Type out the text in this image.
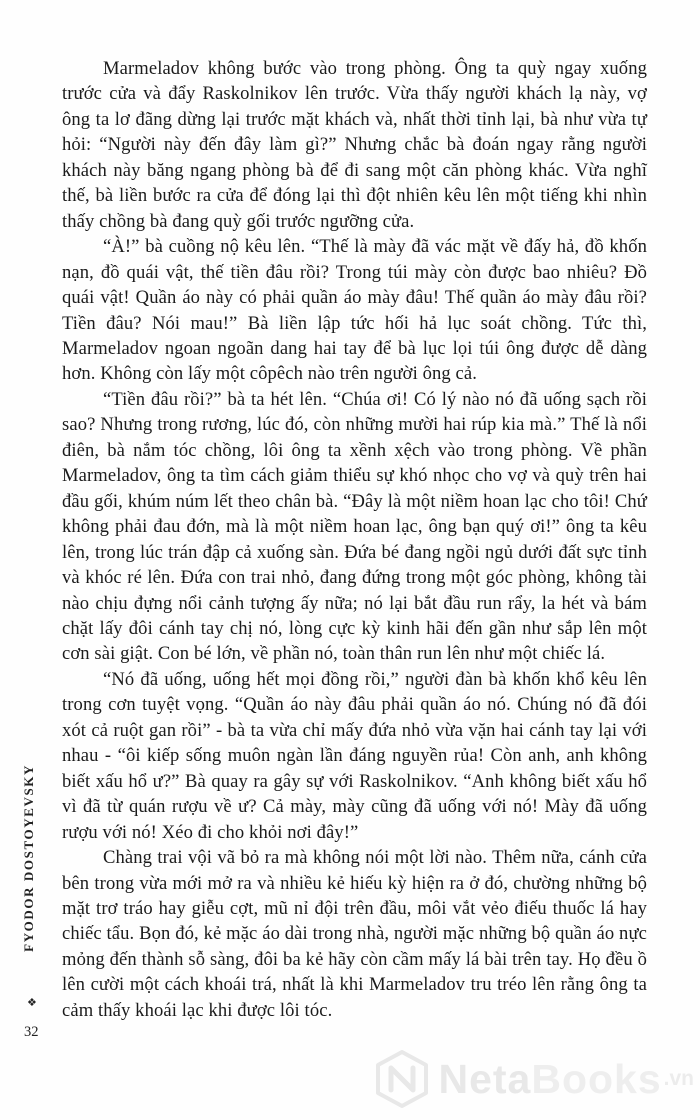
Marmeladov không bước vào trong phòng. Ông ta quỳ ngay xuống trước cửa và đẩy Raskolnikov lên trước. Vừa thấy người khách lạ này, vợ ông ta lơ đãng dừng lại trước mặt khách và, nhất thời tỉnh lại, bà như vừa tự hỏi: “Người này đến đây làm gì?” Nhưng chắc bà đoán ngay rằng người khách này băng ngang phòng bà để đi sang một căn phòng khác. Vừa nghĩ thế, bà liền bước ra cửa để đóng lại thì đột nhiên kêu lên một tiếng khi nhìn thấy chồng bà đang quỳ gối trước ngưỡng cửa.

“À!” bà cuồng nộ kêu lên. “Thế là mày đã vác mặt về đấy hả, đồ khốn nạn, đồ quái vật, thế tiền đâu rồi? Trong túi mày còn được bao nhiêu? Đồ quái vật! Quần áo này có phải quần áo mày đâu! Thế quần áo mày đâu rồi? Tiền đâu? Nói mau!” Bà liền lập tức hối hả lục soát chồng. Tức thì, Marmeladov ngoan ngoãn dang hai tay để bà lục lọi túi ông được dễ dàng hơn. Không còn lấy một côpêch nào trên người ông cả.

“Tiền đâu rồi?” bà ta hét lên. “Chúa ơi! Có lý nào nó đã uống sạch rồi sao? Nhưng trong rương, lúc đó, còn những mười hai rúp kia mà.” Thế là nổi điên, bà nắm tóc chồng, lôi ông ta xềnh xệch vào trong phòng. Về phần Marmeladov, ông ta tìm cách giảm thiểu sự khó nhọc cho vợ và quỳ trên hai đầu gối, khúm núm lết theo chân bà. “Đây là một niềm hoan lạc cho tôi! Chứ không phải đau đớn, mà là một niềm hoan lạc, ông bạn quý ơi!” ông ta kêu lên, trong lúc trán đập cả xuống sàn. Đứa bé đang ngồi ngủ dưới đất sực tỉnh và khóc ré lên. Đứa con trai nhỏ, đang đứng trong một góc phòng, không tài nào chịu đựng nổi cảnh tượng ấy nữa; nó lại bắt đầu run rẩy, la hét và bám chặt lấy đôi cánh tay chị nó, lòng cực kỳ kinh hãi đến gần như sắp lên một cơn sài giật. Con bé lớn, về phần nó, toàn thân run lên như một chiếc lá.

“Nó đã uống, uống hết mọi đồng rồi,” người đàn bà khốn khổ kêu lên trong cơn tuyệt vọng. “Quần áo này đâu phải quần áo nó. Chúng nó đã đói xót cả ruột gan rồi” - bà ta vừa chỉ mấy đứa nhỏ vừa vặn hai cánh tay lại với nhau - “ôi kiếp sống muôn ngàn lần đáng nguyền rủa! Còn anh, anh không biết xấu hổ ư?” Bà quay ra gây sự với Raskolnikov. “Anh không biết xấu hổ vì đã từ quán rượu về ư? Cả mày, mày cũng đã uống với nó! Mày đã uống rượu với nó! Xéo đi cho khỏi nơi đây!”

Chàng trai vội vã bỏ ra mà không nói một lời nào. Thêm nữa, cánh cửa bên trong vừa mới mở ra và nhiều kẻ hiếu kỳ hiện ra ở đó, chường những bộ mặt trơ tráo hay giễu cợt, mũ nỉ đội trên đầu, môi vắt vẻo điếu thuốc lá hay chiếc tẩu. Bọn đó, kẻ mặc áo dài trong nhà, người mặc những bộ quần áo nực mỏng đến thành sỗ sàng, đôi ba kẻ hãy còn cầm mấy lá bài trên tay. Họ đều ồ lên cười một cách khoái trá, nhất là khi Marmeladov tru tréo lên rằng ông ta cảm thấy khoái lạc khi được lôi tóc.

FYODOR DOSTOYEVSKY
❖
32
NetaBooks .vn
